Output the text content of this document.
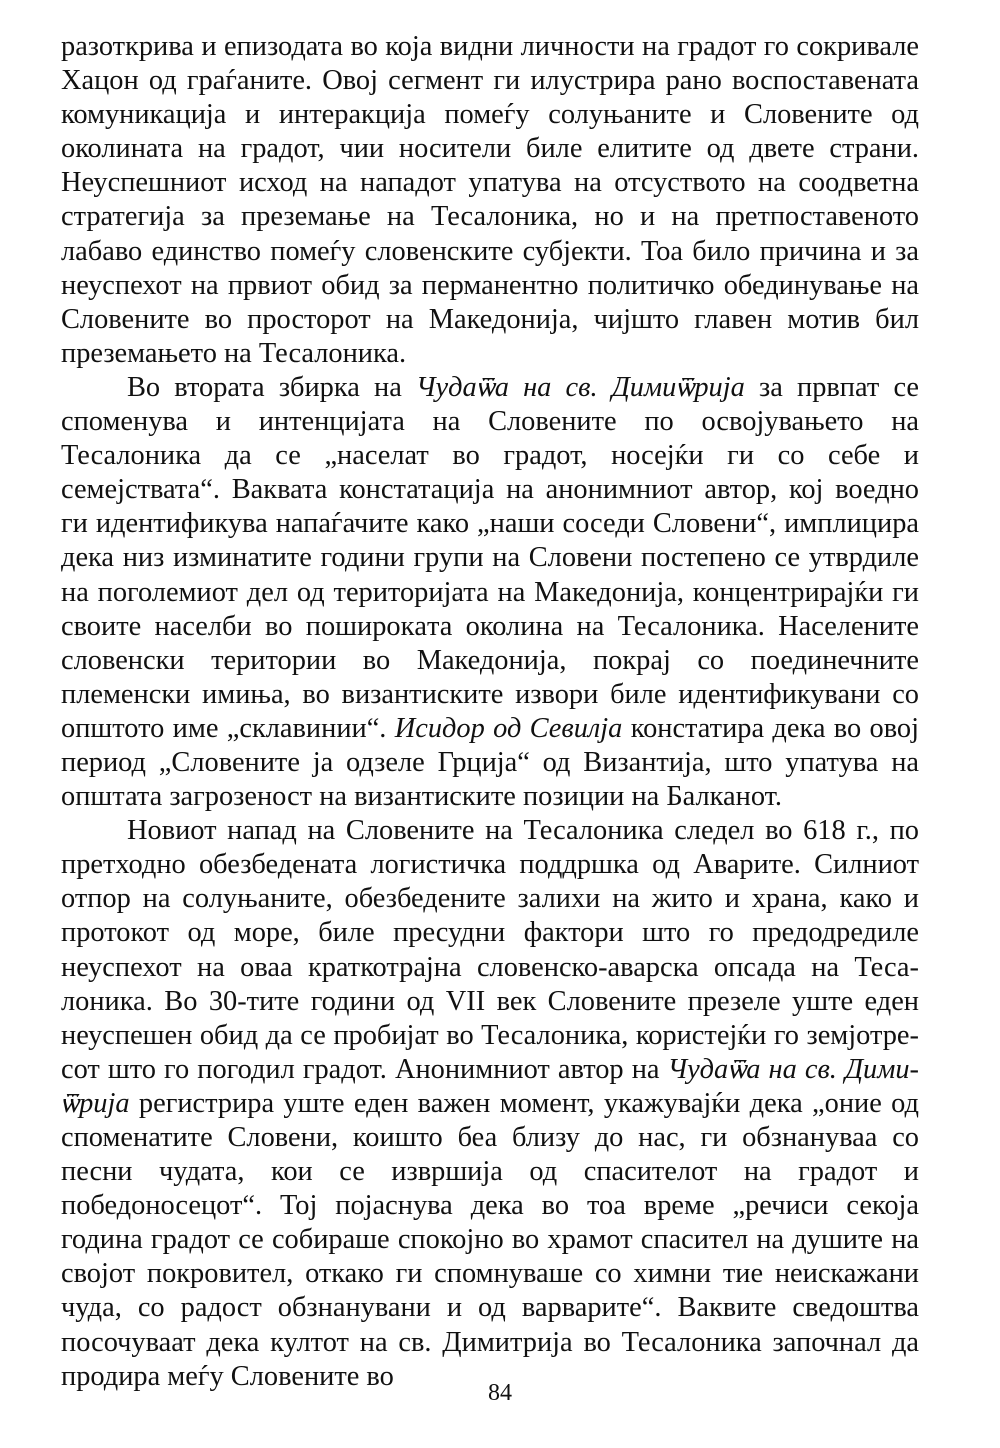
разоткрива и епизодата во која видни личности на градот го сокривале Хацон од граѓаните. Овој сегмент ги илустрира рано воспоставената комуникација и интеракција помеѓу солуњаните и Словените од околината на градот, чии носители биле елитите од двете страни. Неуспешниот исход на нападот упатува на отсуството на соодветна стратегија за преземање на Тесалоника, но и на претпоставеното лабаво единство помеѓу словенските субјекти. Тоа било причина и за неуспехот на првиот обид за перманентно политичко обединување на Словените во просторот на Македонија, чијшто главен мотив бил преземањето на Тесалоника.

Во втората збирка на Чудаѿа на св. Димиѿрија за првпат се споменува и интенцијата на Словените по освојувањето на Тесалоника да се „населат во градот, носејќи ги со себе и семејствата“. Ваквата констатација на анонимниот автор, кој воедно ги идентификува напаѓачите како „наши соседи Словени“, имплицира дека низ изминатите години групи на Словени постепено се утврдиле на поголемиот дел од територијата на Македонија, концентрирајќи ги своите населби во поширокaта околина на Тесалоника. Населените словенски територии во Македонија, покрај со поединечните племенски имиња, во византиските извори биле идентификувани со општото име „склавинии“. Исидор од Севилја констатира дека во овој период „Словените ја одзеле Грција“ од Византија, што упатува на општата загрозеност на византиските позиции на Балканот.

Новиот напад на Словените на Тесалоника следел во 618 г., по претходно обезбедената логистичка поддршка од Аварите. Силниот отпор на солуњаните, обезбедените залихи на жито и храна, како и протокот од море, биле пресудни фактори што го предодредиле неуспехот на оваа краткотрајна словенско-аварска опсада на Тесалоника. Во 30-тите години од VII век Словените презеле уште еден неуспешен обид да се пробијат во Тесалоника, користејќи го земјотресот што го погодил градот. Анонимниот автор на Чудаѿа на св. Димиѿрија регистрира уште еден важен момент, укажувајќи дека „оние од споменатите Словени, коишто беа близу до нас, ги обзнануваа со песни чудата, кои се извршија од спасителот на градот и победоносецот“. Тој појаснува дека во тоа време „речиси секоја година градот се собираше спокојно во храмот спасител на душите на својот покровител, откако ги спомнуваше со химни тие неискажани чуда, со радост обзнанувани и од варварите“. Ваквите сведоштва посочуваат дека култот на св. Димитрија во Тесалоника започнал да продира меѓу Словените во

84
